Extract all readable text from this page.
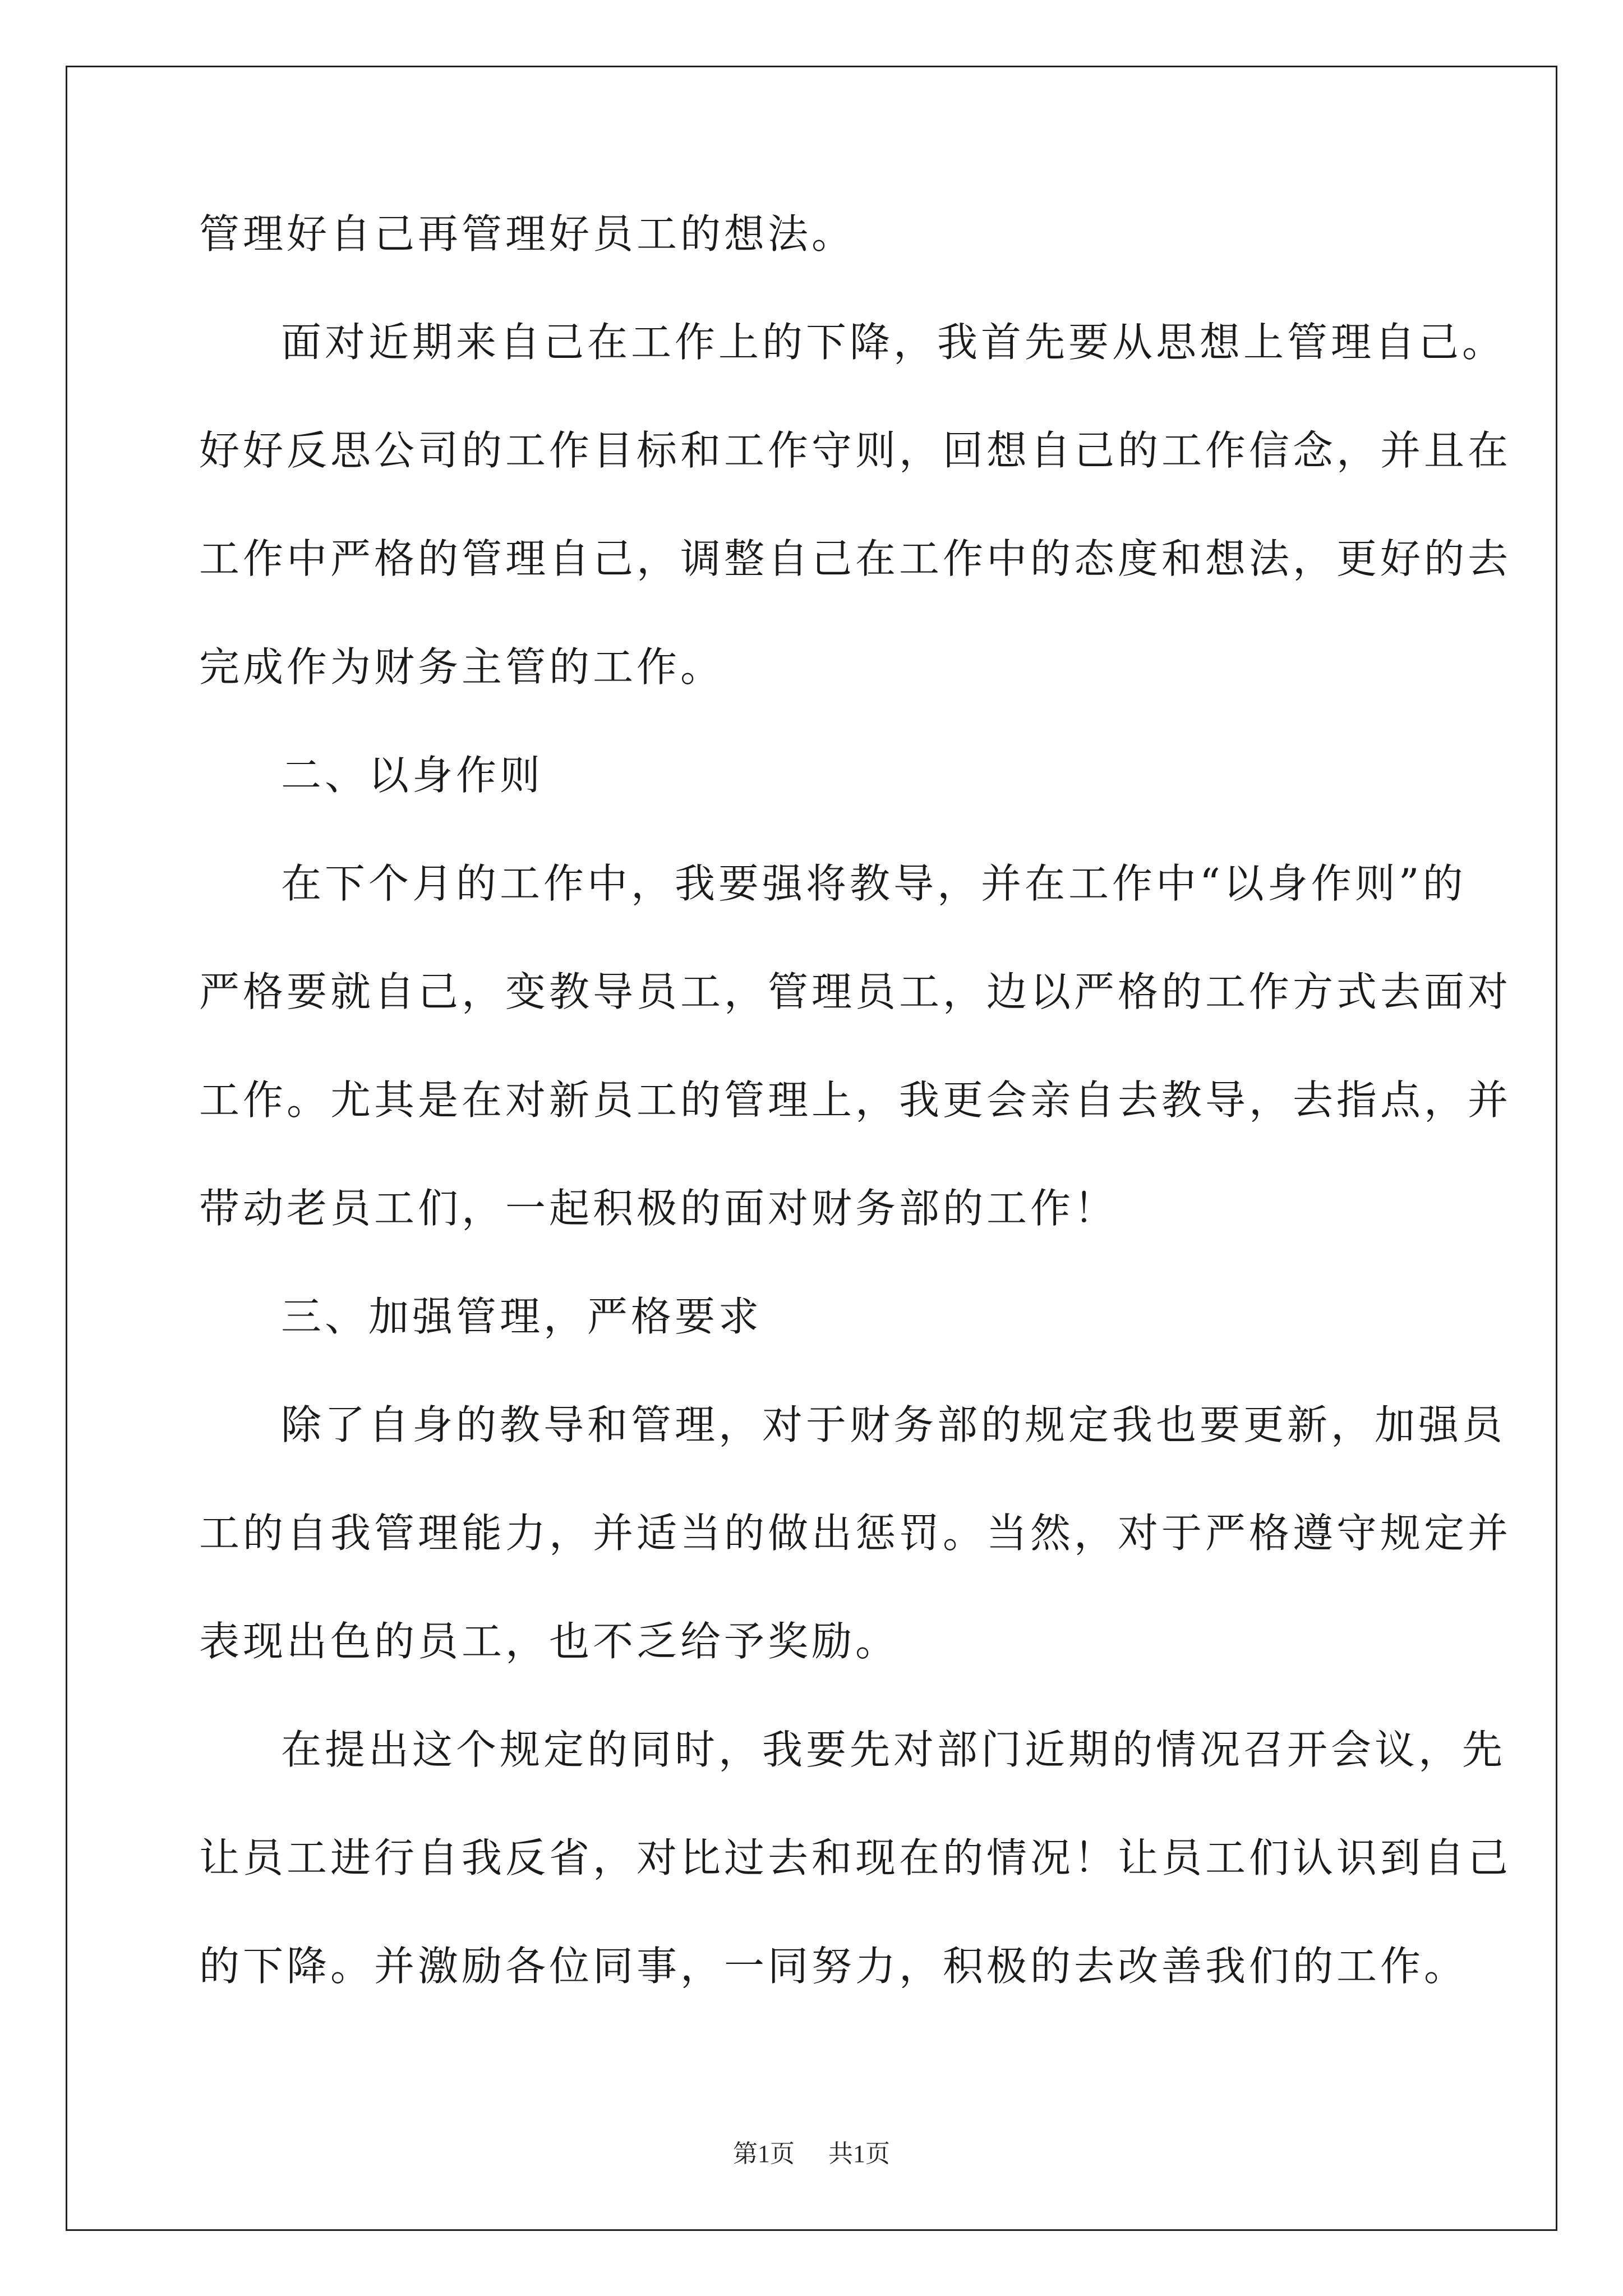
管理好自己再管理好员工的想法。
面对近期来自己在工作上的下降，我首先要从思想上管理自己。
好好反思公司的工作目标和工作守则，回想自己的工作信念，并且在
工作中严格的管理自己，调整自己在工作中的态度和想法，更好的去
完成作为财务主管的工作。
二、以身作则
在下个月的工作中，我要强将教导，并在工作中“以身作则”的
严格要就自己，变教导员工，管理员工，边以严格的工作方式去面对
工作。尤其是在对新员工的管理上，我更会亲自去教导，去指点，并
带动老员工们，一起积极的面对财务部的工作！
三、加强管理，严格要求
除了自身的教导和管理，对于财务部的规定我也要更新，加强员
工的自我管理能力，并适当的做出惩罚。当然，对于严格遵守规定并
表现出色的员工，也不乏给予奖励。
在提出这个规定的同时，我要先对部门近期的情况召开会议，先
让员工进行自我反省，对比过去和现在的情况！让员工们认识到自己
的下降。并激励各位同事，一同努力，积极的去改善我们的工作。
第1页 共1页
